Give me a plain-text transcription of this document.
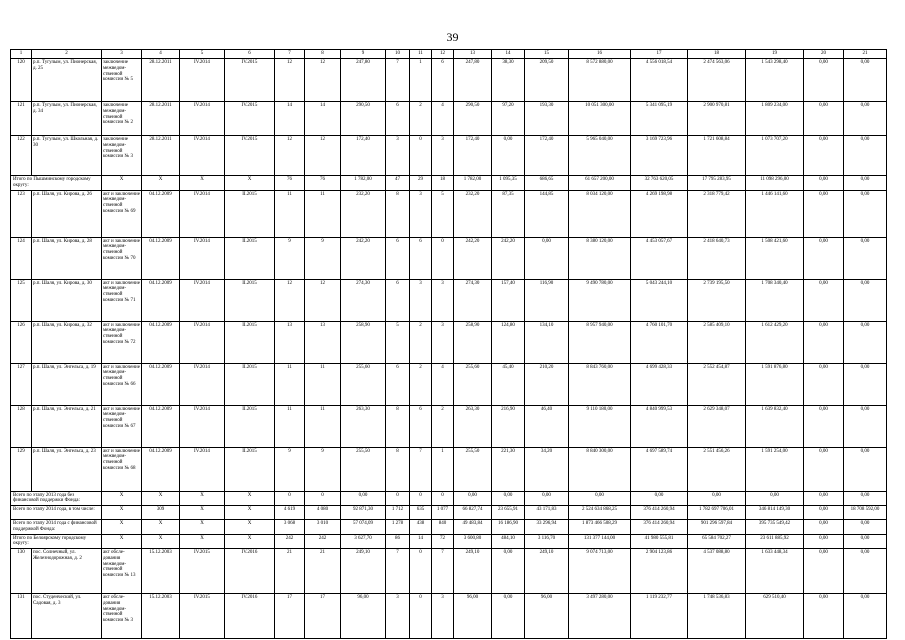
39
1	2	3	4	5	6	7	8	9	10	11	12	13	14	15	16	17	18	19	20	21
120	р.п. Тугулым, ул. Пионерская, д. 25	заключение межведом-ственной комиссии № 5	28.12.2011	IV.2014	IV.2015	12	12	247,80	7	1	6	247,80	38,30	209,50	8 572 880,00	4 556 018,54	2 474 563,06	1 543 298,40	0,00	0,00
121	р.п. Тугулым, ул. Пионерская, д. 34	заключение межведом-ственной комиссии № 2	28.12.2011	IV.2014	IV.2015	14	14	290,50	6	2	4	290,50	97,20	193,30	10 051 300,00	5 341 095,19	2 900 970,81	1 809 234,00	0,00	0,00
122	р.п. Тугулым, ул. Школьная, д. 30	заключение межведом-ственной комиссии № 3	28.12.2011	IV.2014	IV.2015	12	12	172,40	3	0	3	172,40	0,00	172,40	5 965 040,00	3 169 723,96	1 721 608,84	1 073 707,20	0,00	0,00
Итого по Пышминскому городскому округу:		X	X	X	X	76	76	1 782,00	47	29	18	1 782,00	1 095,35	686,65	61 657 200,00	32 763 620,05	17 795 283,95	11 098 296,00	0,00	0,00
123	р.п. Шаля, ул. Кирова, д. 26	акт и заключение межведом-ственной комиссии № 69	04.12.2009	IV.2014	II.2015	11	11	232,20	8	3	5	232,20	87,35	144,85	8 034 120,00	4 269 198,98	2 318 779,42	1 446 141,60	0,00	0,00
124	р.п. Шаля, ул. Кирова, д. 28	акт и заключение межведом-ственной комиссии № 70	04.12.2009	IV.2014	II.2015	9	9	242,20	6	6	0	242,20	242,20	0,00	8 380 120,00	4 453 057,67	2 418 640,73	1 508 421,60	0,00	0,00
125	р.п. Шаля, ул. Кирова, д. 30	акт и заключение межведом-ственной комиссии № 71	04.12.2009	IV.2014	II.2015	12	12	274,30	6	3	3	274,30	157,40	116,90	9 490 780,00	5 043 244,10	2 739 195,50	1 708 340,40	0,00	0,00
126	р.п. Шаля, ул. Кирова, д. 32	акт и заключение межведом-ственной комиссии № 72	04.12.2009	IV.2014	II.2015	13	13	258,90	5	2	3	258,90	124,80	134,10	8 957 940,00	4 760 101,70	2 585 409,10	1 612 429,20	0,00	0,00
127	р.п. Шаля, ул. Энгельса, д. 19	акт и заключение межведом-ственной комиссии № 66	04.12.2009	IV.2014	II.2015	11	11	255,60	6	2	4	255,60	45,40	210,20	8 843 760,00	4 699 428,33	2 552 454,87	1 591 876,80	0,00	0,00
128	р.п. Шаля, ул. Энгельса, д. 21	акт и заключение межведом-ственной комиссии № 67	04.12.2009	IV.2014	II.2015	11	11	263,30	8	6	2	263,30	216,90	46,40	9 110 180,00	4 840 999,53	2 629 348,07	1 639 832,40	0,00	0,00
129	р.п. Шаля, ул. Энгельса, д. 23	акт и заключение межведом-ственной комиссии № 68	04.12.2009	IV.2014	II.2015	9	9	255,50	8	7	1	255,50	221,30	34,20	8 840 300,00	4 697 589,74	2 551 456,26	1 591 254,00	0,00	0,00
Всего по этапу 2013 года без финансовой поддержки Фонда:		X	X	X	X	0	0	0,00	0	0	0	0,00	0,00	0,00	0,00	0,00	0,00	0,00	0,00	0,00
Всего по этапу 2014 года, в том числе:		X	309	X	X	4 619	4 080	92 871,30	1 712	635	1 077	66 827,74	23 655,91	43 171,83	2 524 634 868,25	376 414 260,94	1 782 697 706,01	346 814 149,30	0,00	18 708 592,00
Всего по этапу 2014 года с финансовой поддержкой Фонда:		X	X	X	X	3 068	3 010	57 074,09	1 278	438	840	49 483,84	16 186,90	33 296,94	1 873 466 508,29	376 414 260,94	901 296 597,84	395 735 549,42	0,00	0,00
Итого по Белоярскому городскому округу:		X	X	X	X	242	242	3 627,70	86	14	72	3 600,80	484,10	3 116,70	131 377 144,00	41 980 555,81	65 584 702,27	23 611 885,92	0,00	0,00
130	пос. Солнечный, ул. Железнодорожная, д. 2	акт обсле-дования межведом-ственной комиссии № 13	15.12.2003	IV.2015	IV.2016	21	21	249,10	7	0	7	249,10	0,00	249,10	9 074 713,00	2 904 123,86	4 537 088,80	1 633 448,34	0,00	0,00
131	пос. Студенческий, ул. Садовая, д. 3	акт обсле-дования межведом-ственной комиссии № 3	15.12.2003	IV.2015	IV.2016	17	17	96,00	3	0	3	96,00	0,00	96,00	3 497 280,00	1 119 232,77	1 748 536,83	629 510,40	0,00	0,00
